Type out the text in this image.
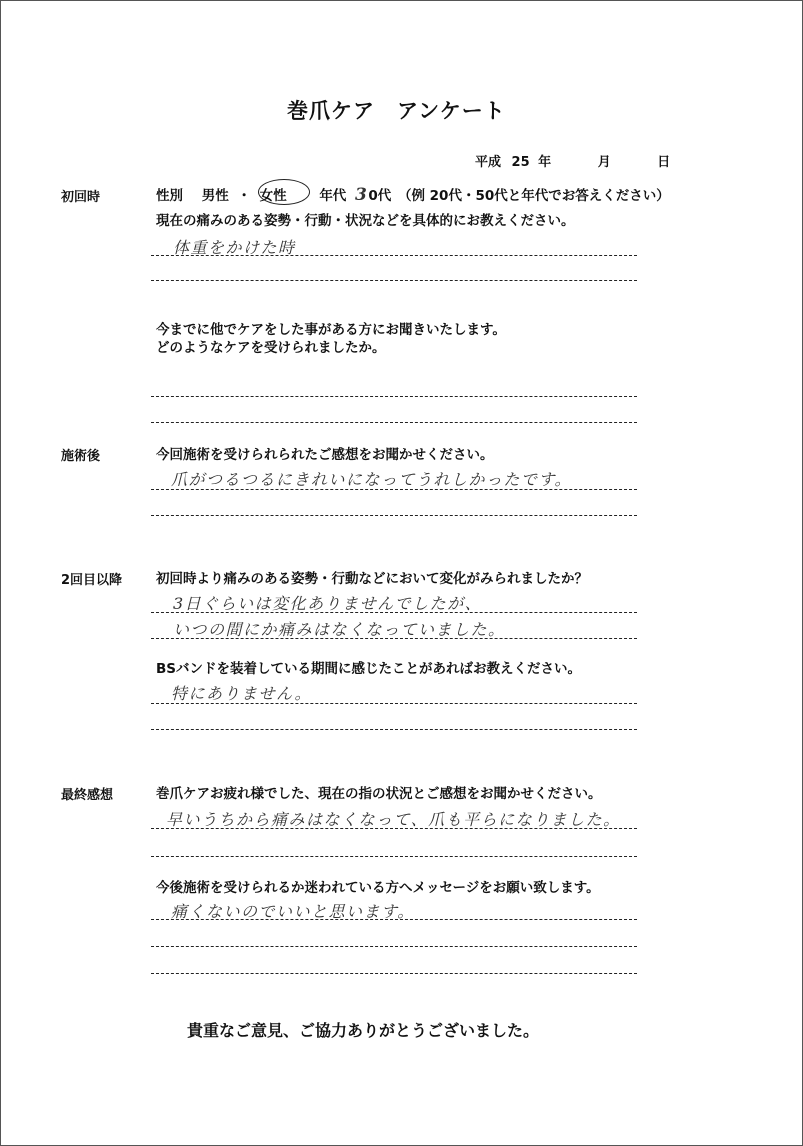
巻爪ケア　アンケート
平成 25 年	月	日
初回時	性別 男性 ・ 女性 年代 30代 （例 20代・50代と年代でお答えください）
現在の痛みのある姿勢・行動・状況などを具体的にお教えください。
体重をかけた時
今までに他でケアをした事がある方にお聞きいたします。
どのようなケアを受けられましたか。
施術後	今回施術を受けられられたご感想をお聞かせください。
爪がつるつるにきれいになってうれしかったです。
2回目以降	初回時より痛みのある姿勢・行動などにおいて変化がみられましたか？
3日ぐらいは変化ありませんでしたが、
いつの間にか痛みはなくなっていました。
BSバンドを装着している期間に感じたことがあればお教えください。
特にありません。
最終感想	巻爪ケアお疲れ様でした、現在の指の状況とご感想をお聞かせください。
早いうちから痛みはなくなって、爪も平らになりました。
今後施術を受けられるか迷われている方へメッセージをお願い致します。
痛くないのでいいと思います。
貴重なご意見、ご協力ありがとうございました。
